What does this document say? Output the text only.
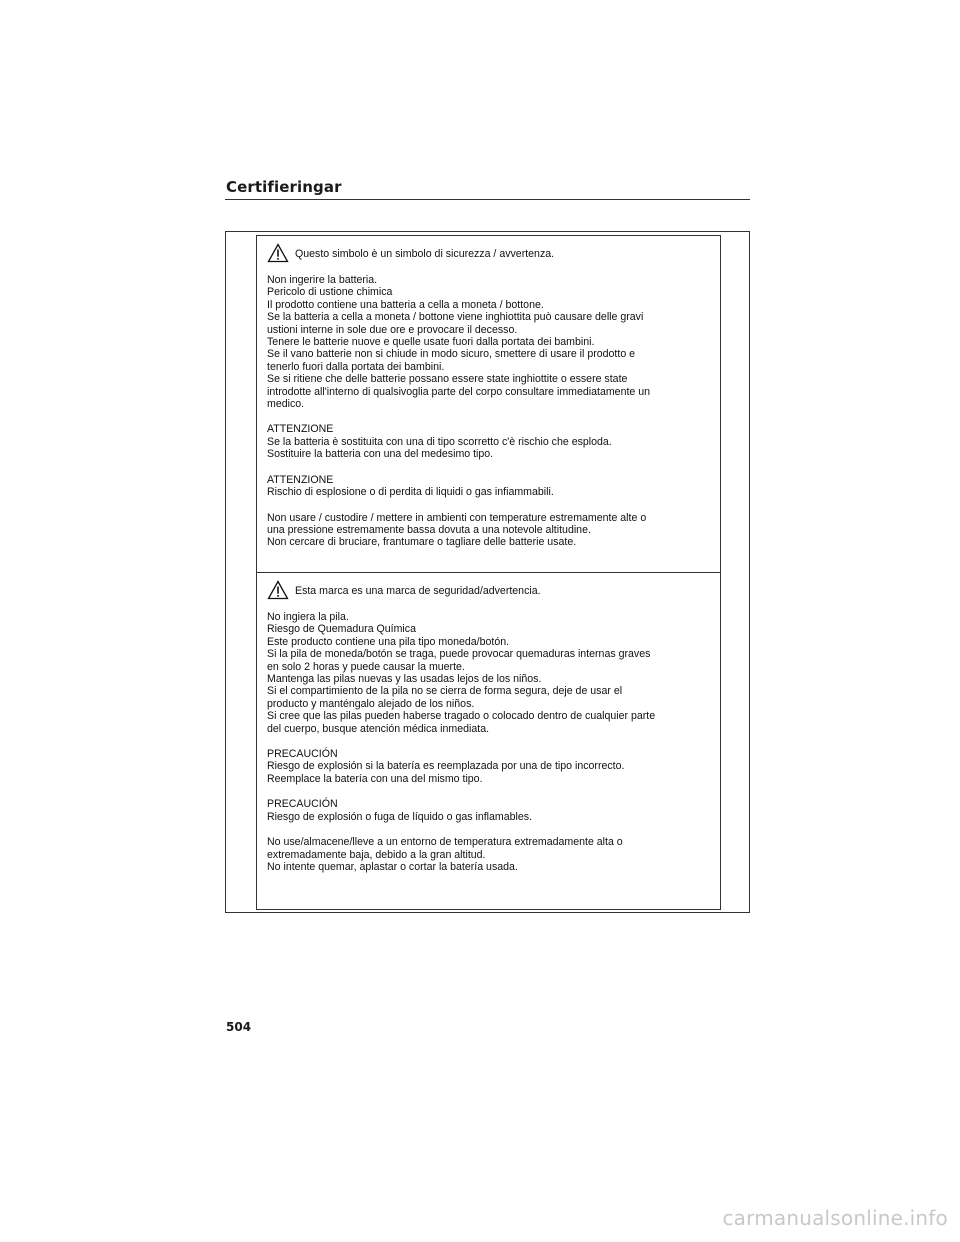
Certifieringar
Questo simbolo è un simbolo di sicurezza / avvertenza.
Non ingerire la batteria.
Pericolo di ustione chimica
Il prodotto contiene una batteria a cella a moneta / bottone.
Se la batteria a cella a moneta / bottone viene inghiottita può causare delle gravi
ustioni interne in sole due ore e provocare il decesso.
Tenere le batterie nuove e quelle usate fuori dalla portata dei bambini.
Se il vano batterie non si chiude in modo sicuro, smettere di usare il prodotto e
tenerlo fuori dalla portata dei bambini.
Se si ritiene che delle batterie possano essere state inghiottite o essere state
introdotte all'interno di qualsivoglia parte del corpo consultare immediatamente un
medico.
ATTENZIONE
Se la batteria è sostituita con una di tipo scorretto c'è rischio che esploda.
Sostituire la batteria con una del medesimo tipo.
ATTENZIONE
Rischio di esplosione o di perdita di liquidi o gas infiammabili.
Non usare / custodire / mettere in ambienti con temperature estremamente alte o
una pressione estremamente bassa dovuta a una notevole altitudine.
Non cercare di bruciare, frantumare o tagliare delle batterie usate.
Esta marca es una marca de seguridad/advertencia.
No ingiera la pila.
Riesgo de Quemadura Química
Este producto contiene una pila tipo moneda/botón.
Si la pila de moneda/botón se traga, puede provocar quemaduras internas graves
en solo 2 horas y puede causar la muerte.
Mantenga las pilas nuevas y las usadas lejos de los niños.
Si el compartimiento de la pila no se cierra de forma segura, deje de usar el
producto y manténgalo alejado de los niños.
Si cree que las pilas pueden haberse tragado o colocado dentro de cualquier parte
del cuerpo, busque atención médica inmediata.
PRECAUCIÓN
Riesgo de explosión si la batería es reemplazada por una de tipo incorrecto.
Reemplace la batería con una del mismo tipo.
PRECAUCIÓN
Riesgo de explosión o fuga de líquido o gas inflamables.
No use/almacene/lleve a un entorno de temperatura extremadamente alta o
extremadamente baja, debido a la gran altitud.
No intente quemar, aplastar o cortar la batería usada.
504
carmanualsonline.info
